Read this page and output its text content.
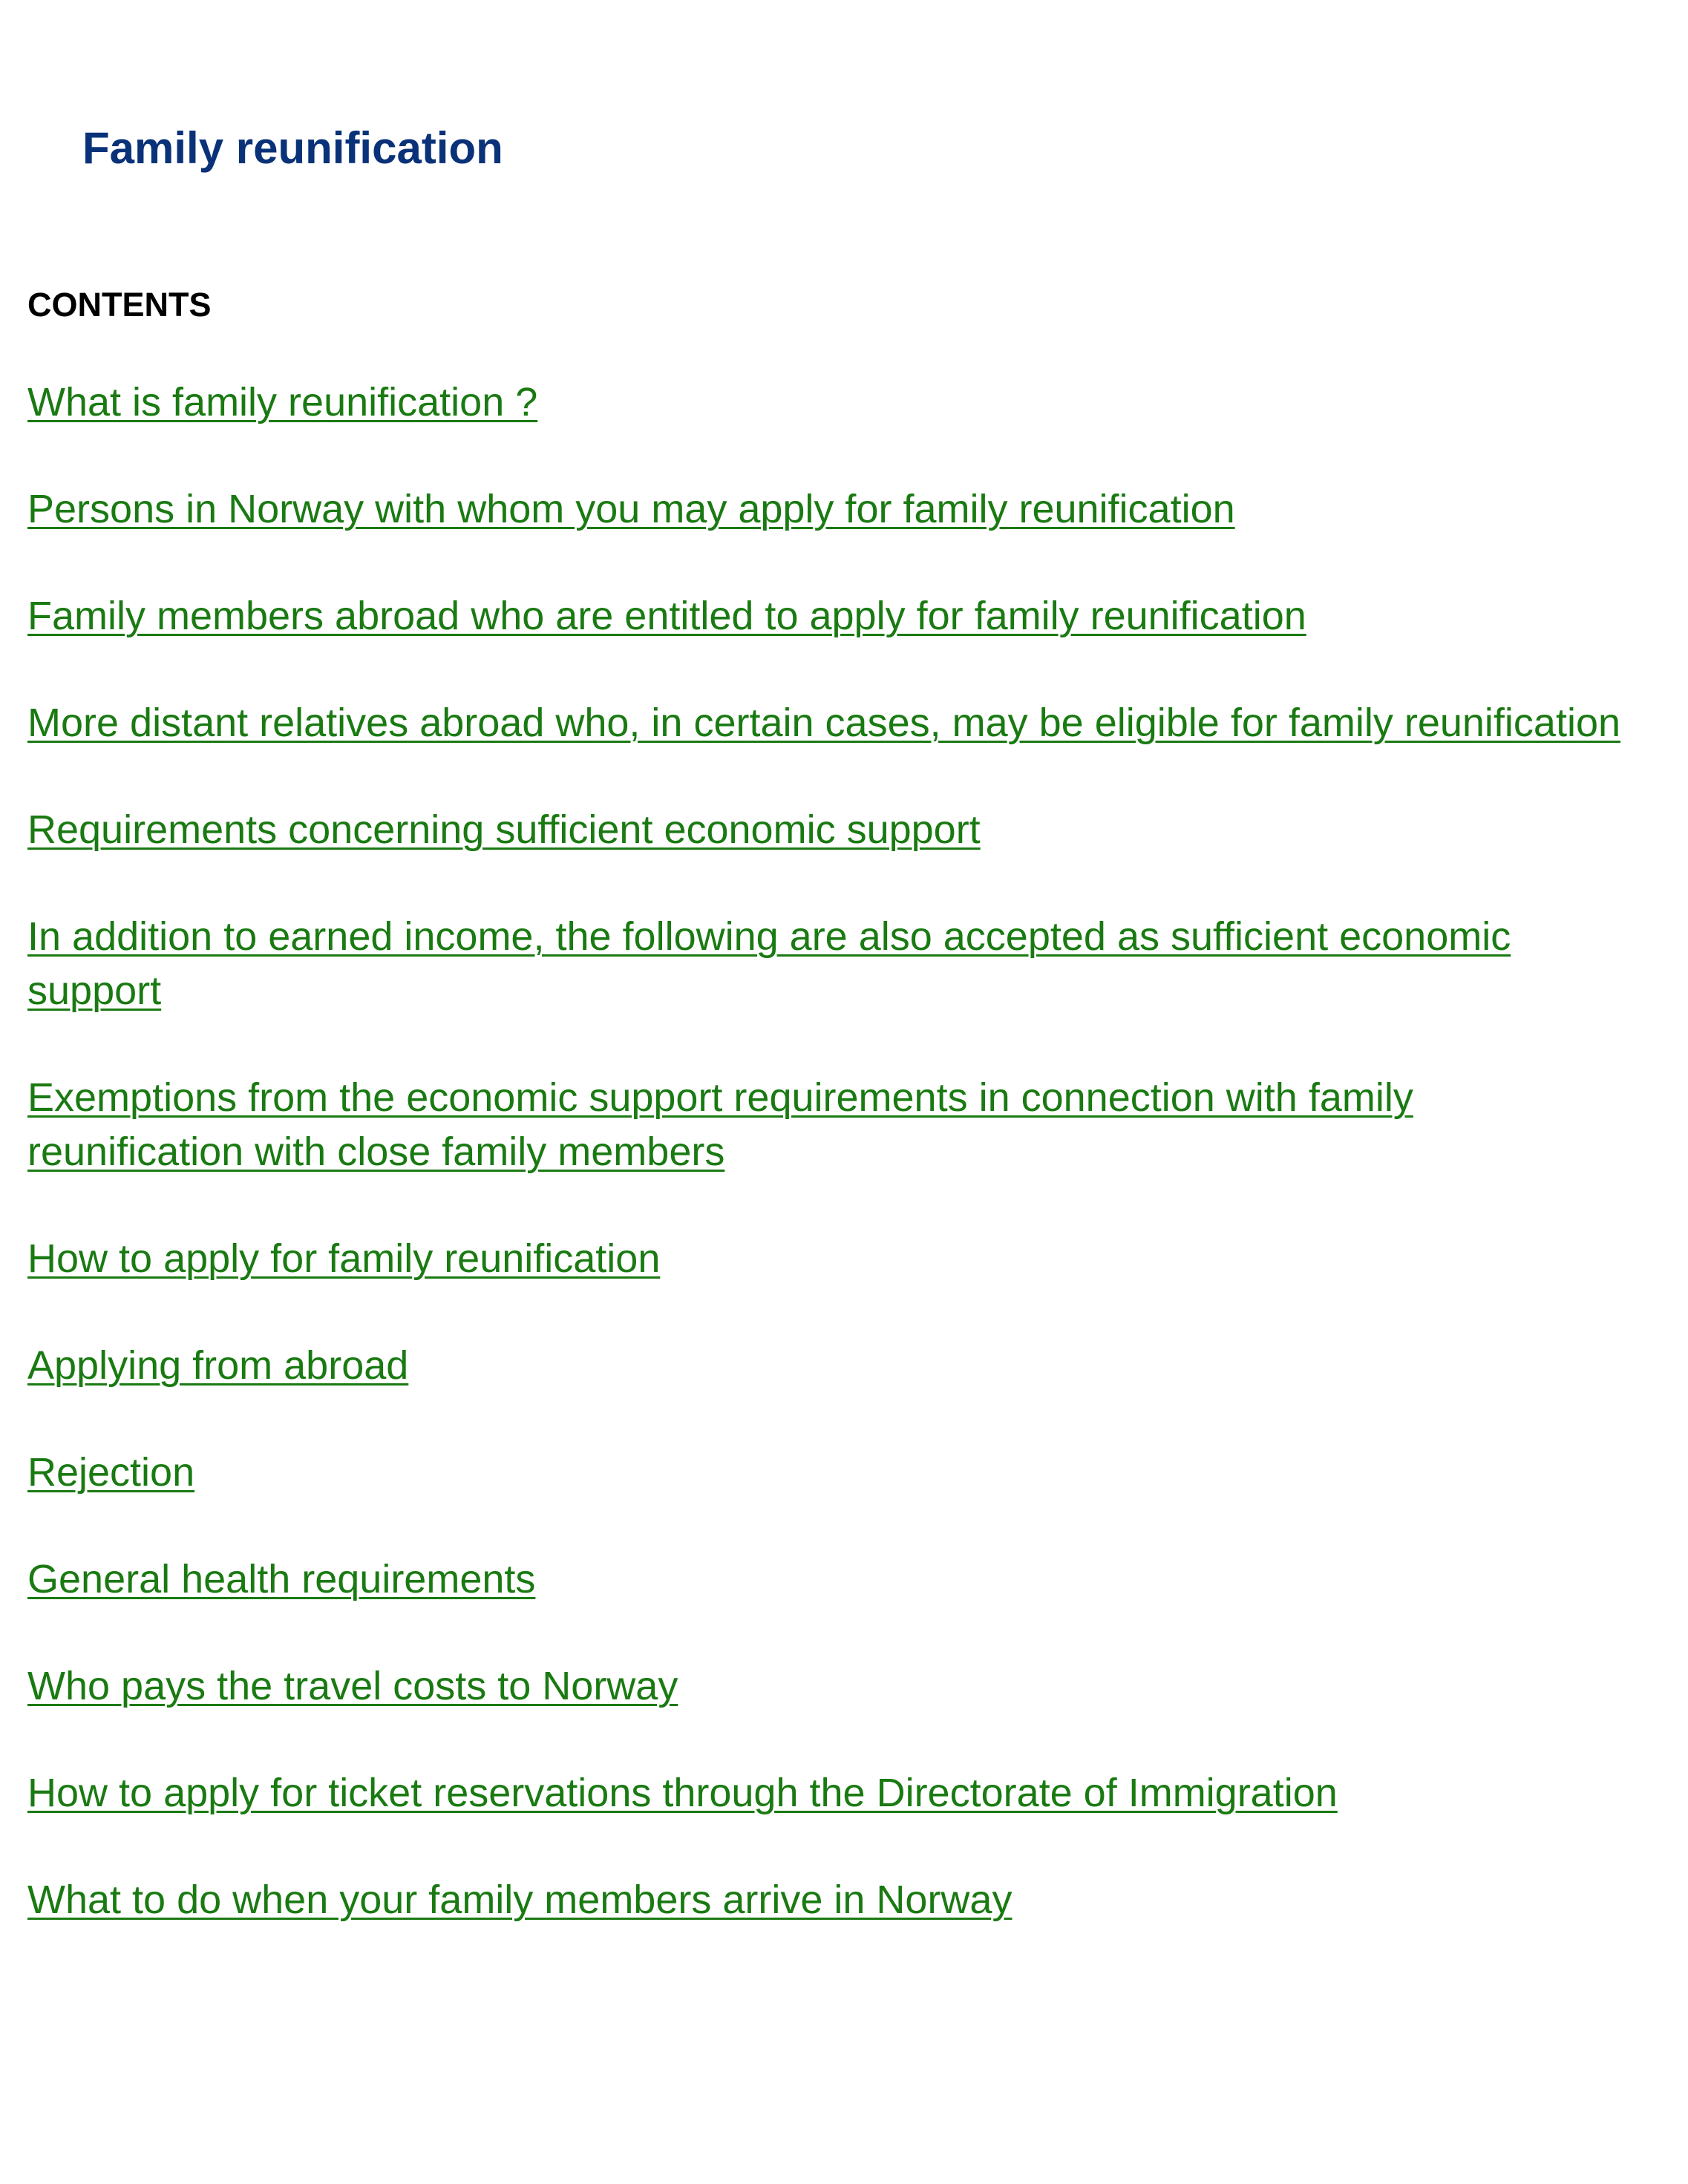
Family reunification
CONTENTS
What is family reunification ?
Persons in Norway with whom you may apply for family reunification
Family members abroad who are entitled to apply for family reunification
More distant relatives abroad who, in certain cases, may be eligible for family reunification
Requirements concerning sufficient economic support
In addition to earned income, the following are also accepted as sufficient economic support
Exemptions from the economic support requirements in connection with family reunification with close family members
How to apply for family reunification
Applying from abroad
Rejection
General health requirements
Who pays the travel costs to Norway
How to apply for ticket reservations through the Directorate of Immigration
What to do when your family members arrive in Norway
